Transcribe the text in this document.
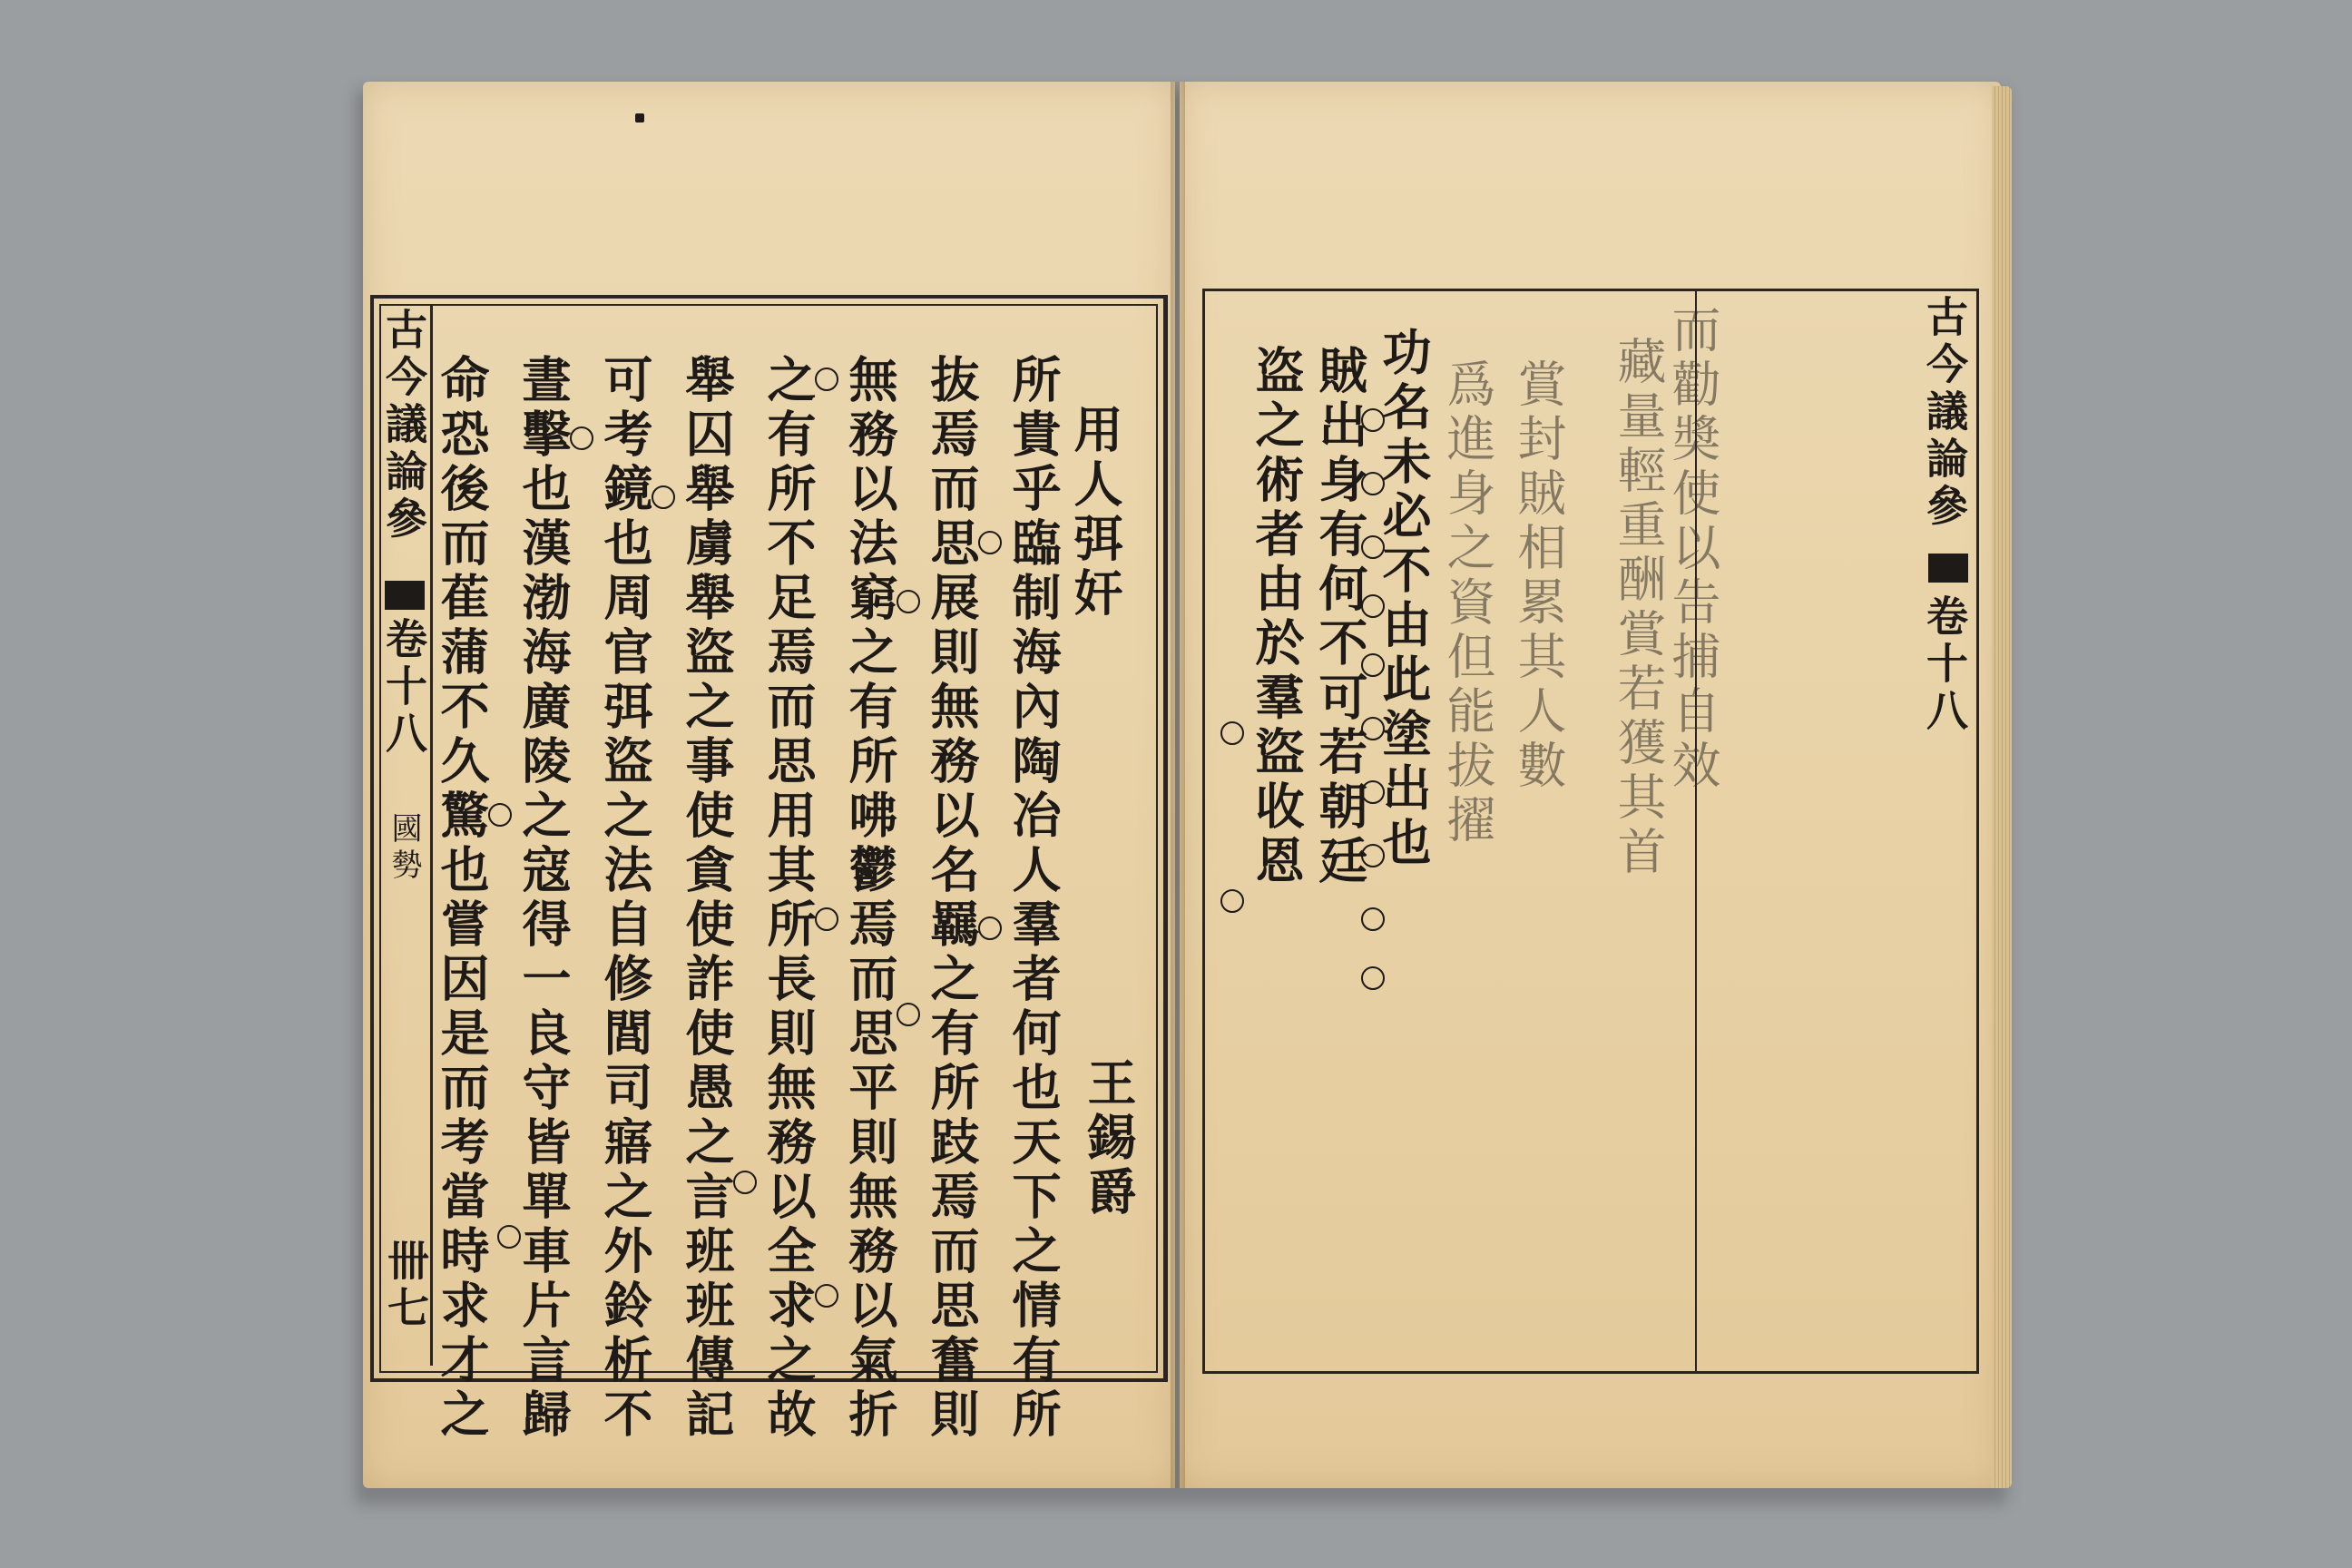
古今議論參
卷十八
國勢
卌七
用人弭奸
王錫爵
所貴乎臨制海內陶冶人羣者何也天下之情有所
抜焉而思展則無務以名羈之有所跂焉而思奮則
無務以法窮之有所咈鬱焉而思平則無務以氣折
之有所不足焉而思用其所長則無務以全求之故
舉囚舉虜舉盜之事使貪使詐使愚之言班班傳記
可考鏡也周官弭盜之法自修閭司寤之外鈴析不
晝擊也漢渤海廣陵之寇得一良守皆單車片言歸
命恐後而萑蒲不久驚也嘗因是而考當時求才之	古今議論參
卷十八
而勸奬使以告捕自效
藏量輕重酬賞若獲其首
賞封賊相累其人數
爲進身之資但能拔擢
功名未必不由此塗出也
賊出身有何不可若朝廷
盗之術者由於羣盜收恩
